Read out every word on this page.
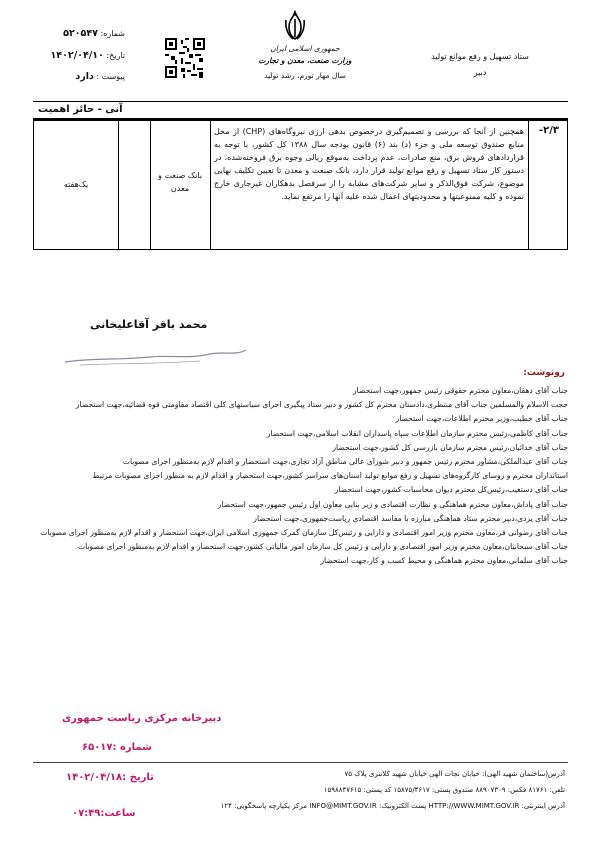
شماره: ۵۲۰۵۴۷
تاریخ: ۱۴۰۲/۰۴/۱۰
پیوست : دارد
جمهوری اسلامی ایران
وزارت صنعت، معدن و تجارت
سال مهار تورم، رشد تولید
ستاد تسهیل و رفع موانع تولید
دبیر
آنی - حائز اهمیت
یک‌هفته
بانک صنعت و معدن
همچنین از آنجا که بررسی و تصمیم‌گیری درخصوص بدهی ارزی نیروگاه‌های (CHP) از محل منابع صندوق توسعه ملی و جزء (د) بند (۶) قانون بودجه سال ۱۳۸۸ کل کشور، با توجه به قراردادهای فروش برق، منع صادرات، عدم پرداخت به‌موقع ریالی وجوه برق فروخته‌شده، در دستور کار ستاد تسهیل و رفع موانع تولید قرار دارد، بانک صنعت و معدن تا تعیین تکلیف نهایی موضوع، شرکت فوق‌الذکر و سایر شرکت‌های مشابه را از سرفصل بدهکاران غیرجاری خارج نموده و کلیه ممنوعیتها و محدودیتهای اعمال شده علیه آنها را مرتفع نماید.
۲/۳-
محمد باقر آقاعلیخانی
رونوشت:
جناب آقای دهقان،معاون محترم حقوقی رئیس جمهور،جهت استحضار
حجت الاسلام والمسلمین جناب آقای منتظری،دادستان محترم کل کشور و دبیر ستاد پیگیری اجرای سیاستهای کلی اقتصاد مقاومتی قوه قضائیه،جهت استحضار
جناب آقای خطیب،وزیر محترم اطلاعات،جهت استحضار
جناب آقای کاظمی،رئیس محترم سازمان اطلاعات سپاه پاسداران انقلاب اسلامی،جهت استحضار
جناب آقای خدائیان،رئیس محترم سازمان بازرسی کل کشور،جهت استحضار
جناب آقای عبدالملکی،مشاور محترم رئیس جمهور و دبیر شورای عالی مناطق آزاد تجاری،جهت استحضار و اقدام لازم به‌منظور اجرای مصوبات
استانداران محترم و روسای کارگروه‌های تسهیل و رفع موانع تولید استان‌های سراسر کشور،جهت استحضار و اقدام لازم به منظور اجرای مصوبات مرتبط
جناب آقای دستغیب،رئیس‌کل محترم دیوان محاسبات کشور،جهت استحضار
جناب آقای پاداش،معاون محترم هماهنگی و نظارت اقتصادی و زیر بنایی معاون اول رئیس جمهور،جهت استحضار
جناب آقای یزدی،دبیر محترم ستاد هماهنگی مبارزه با مفاسد اقتصادی ریاست‌جمهوری،جهت استحضار
جناب آقای رضوانی فر،معاون محترم وزیر امور اقتصادی و دارایی و رئیس‌کل سازمان گمرک جمهوری اسلامی ایران،جهت استحضار و اقدام لازم به‌منظور اجرای مصوبات
جناب آقای سبحانیان،معاون محترم وزیر امور اقتصادی و دارایی و رئیس کل سازمان امور مالیاتی کشور،جهت استحضار و اقدام لازم به‌منظور اجرای مصوبات
جناب آقای سلمانی،معاون محترم هماهنگی و محیط کسب و کار،جهت استحضار
دبیرخانه مرکزی ریاست جمهوری
شماره :۶۵۰۱۷
آدرس(ساختمان شهید الهی): خیابان نجات الهی خیابان شهید کلانتری پلاک ۷۵
تلفن: ۸۱۷۶۱ فکس: ۸۸۹۰۷۳۰۹ صندوق پستی: ۱۵۸۷۵/۴۶۱۷ کد پستی: ۱۵۹۸۸۴۷۶۱۵
آدرس اینترنتی: HTTP://WWW.MIMT.GOV.IR پست الکترونیک: INFO@MIMT.GOV.IR مرکز یکپارچه پاسخگویی: ۱۲۴
تاریخ :۱۴۰۲/۰۴/۱۸
ساعت:۰۷:۴۹
